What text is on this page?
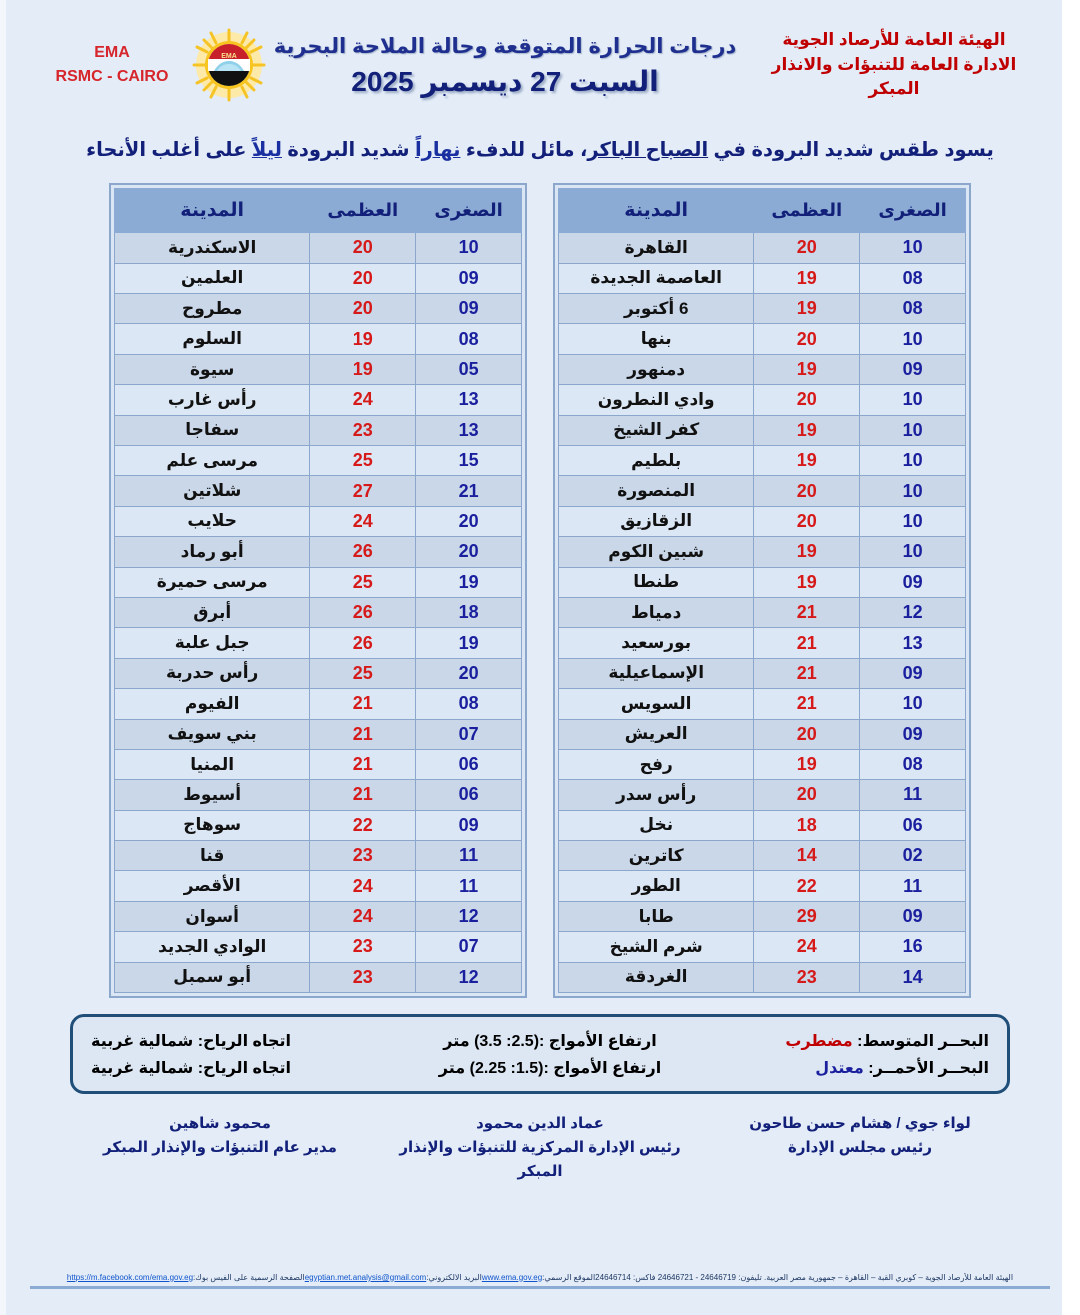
الهيئة العامة للأرصاد الجوية
الادارة العامة للتنبؤات والانذار المبكر
درجات الحرارة المتوقعة وحالة الملاحة البحرية
السبت 27 ديسمبر 2025
EMA
EMA
RSMC - CAIRO
يسود طقس شديد البرودة في الصباح الباكر، مائل للدفء نهاراً شديد البرودة ليلاً على أغلب الأنحاء
الصغرى	العظمى	المدينة
10	20	القاهرة
08	19	العاصمة الجديدة
08	19	6 أكتوبر
10	20	بنها
09	19	دمنهور
10	20	وادي النطرون
10	19	كفر الشيخ
10	19	بلطيم
10	20	المنصورة
10	20	الزقازيق
10	19	شبين الكوم
09	19	طنطا
12	21	دمياط
13	21	بورسعيد
09	21	الإسماعيلية
10	21	السويس
09	20	العريش
08	19	رفح
11	20	رأس سدر
06	18	نخل
02	14	كاترين
11	22	الطور
09	29	طابا
16	24	شرم الشيخ
14	23	الغردقة
الصغرى	العظمى	المدينة
10	20	الاسكندرية
09	20	العلمين
09	20	مطروح
08	19	السلوم
05	19	سيوة
13	24	رأس غارب
13	23	سفاجا
15	25	مرسى علم
21	27	شلاتين
20	24	حلايب
20	26	أبو رماد
19	25	مرسى حميرة
18	26	أبرق
19	26	جبل علبة
20	25	رأس حدربة
08	21	الفيوم
07	21	بني سويف
06	21	المنيا
06	21	أسيوط
09	22	سوهاج
11	23	قنا
11	24	الأقصر
12	24	أسوان
07	23	الوادي الجديد
12	23	أبو سمبل
البحــر المتوسط: مضطرب
ارتفاع الأمواج :(2.5: 3.5) متر
اتجاه الرياح: شمالية غربية
البحــر الأحمــر: معتدل
ارتفاع الأمواج :(1.5: 2.25) متر
اتجاه الرياح: شمالية غربية
لواء جوي / هشام حسن طاحون
رئيس مجلس الإدارة
عماد الدين محمود
رئيس الإدارة المركزية للتنبؤات والإنذار المبكر
محمود شاهين
مدير عام التنبؤات والإنذار المبكر
الهيئة العامة للأرصاد الجوية – كوبري القبة – القاهرة – جمهورية مصر العربية. تليفون: 24646719 - 24646721 فاكس: 24646714الموقع الرسمي:www.ema.gov.egالبريد الالكتروني:egyptian.met.analysis@gmail.comالصفحة الرسمية على الفيس بوك:https://m.facebook.com/ema.gov.eg
